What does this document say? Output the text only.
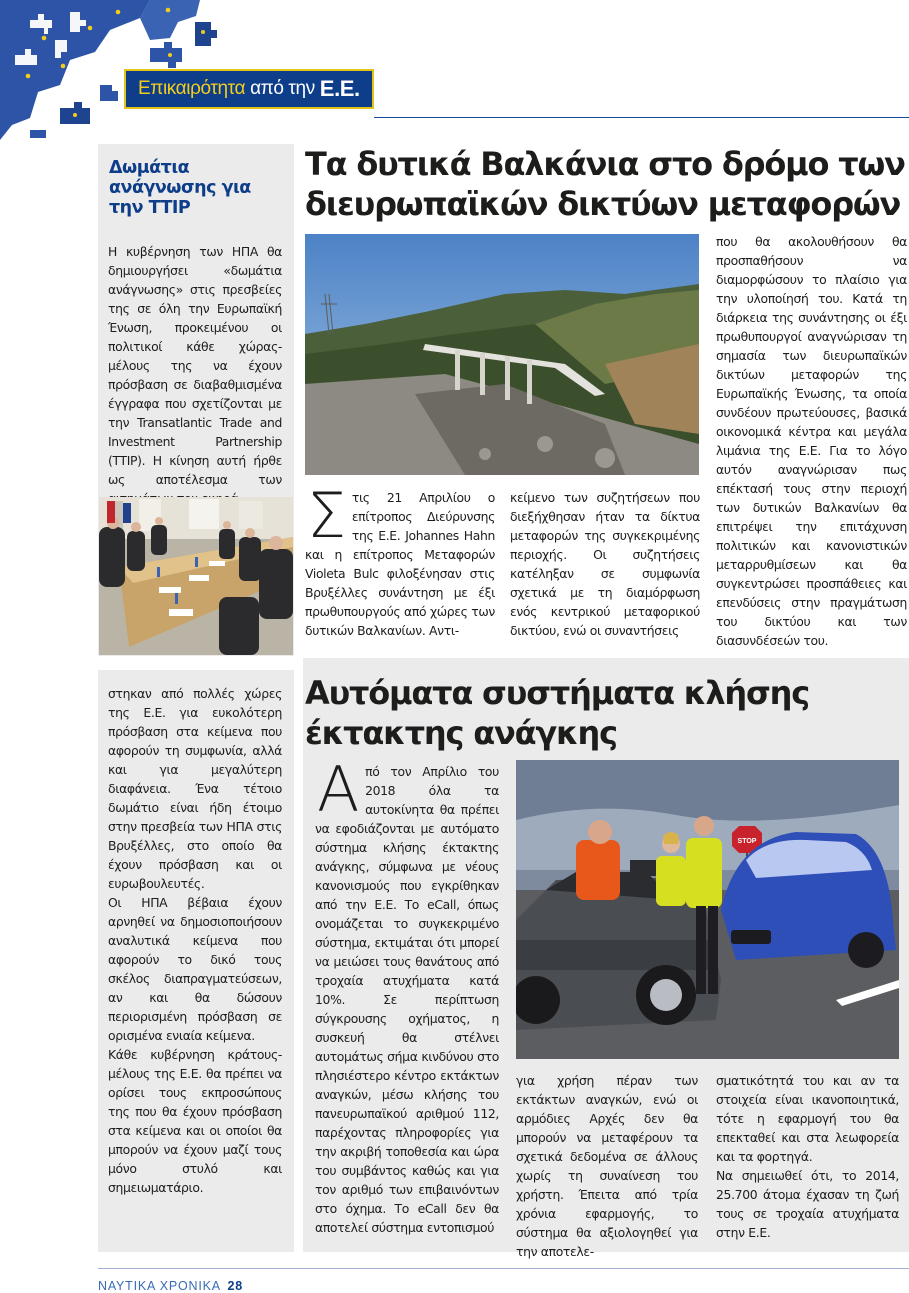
Επικαιρότητα από την Ε.Ε.
Δωμάτια ανάγνωσης για την TTIP

Η κυβέρνηση των ΗΠΑ θα δημιουργήσει «δωμάτια ανάγνωσης» στις πρεσβείες της σε όλη την Ευρωπαϊκή Ένωση, προκειμένου οι πολιτικοί κάθε χώρας-μέλους της να έχουν πρόσβαση σε διαβαθμισμένα έγγραφα που σχετίζονται με την Transatlantic Trade and Investment Partnership (TTIP). Η κίνηση αυτή ήρθε ως αποτέλεσμα των

στηκαν από πολλές χώρες της Ε.Ε. για ευκολότερη πρόσβαση στα κείμενα που αφορούν τη συμφωνία, αλλά και για μεγαλύτερη διαφάνεια. Ένα τέτοιο δωμάτιο είναι ήδη έτοιμο στην πρεσβεία των ΗΠΑ στις Βρυξέλλες, στο οποίο θα έχουν πρόσβαση και οι ευρωβουλευτές.

Οι ΗΠΑ βέβαια έχουν αρνηθεί να δημοσιοποιήσουν αναλυτικά κείμενα που αφορούν το δικό τους σκέλος διαπραγματεύσεων, αν και θα δώσουν περιορισμένη πρόσβαση σε ορισμένα ενιαία κείμενα.

Κάθε κυβέρνηση κράτους-μέλους της Ε.Ε. θα πρέπει να ορίσει τους εκπροσώπους της που θα έχουν πρόσβαση στα κείμενα και οι οποίοι θα μπορούν να έχουν μαζί τους μόνο στυλό και σημειωματάριο.

Τα δυτικά Βαλκάνια στο δρόμο των διευρωπαϊκών δικτύων μεταφορών
Σ τις 21 Απριλίου ο επίτροπος Διεύρυνσης της Ε.Ε. Johannes Hahn και η επίτροπος Μεταφορών Violeta Bulc φιλοξένησαν στις Βρυξέλλες συνάντηση με έξι πρωθυπουργούς από χώρες των δυτικών Βαλκανίων. Αντι-

κείμενο των συζητήσεων που διεξήχθησαν ήταν τα δίκτυα μεταφορών της συγκεκριμένης περιοχής. Οι συζητήσεις κατέληξαν σε συμφωνία σχετικά με τη διαμόρφωση ενός κεντρικού μεταφορικού δικτύου, ενώ οι συναντήσεις

που θα ακολουθήσουν θα προσπαθήσουν να διαμορφώσουν το πλαίσιο για την υλοποίησή του. Κατά τη διάρκεια της συνάντησης οι έξι πρωθυπουργοί αναγνώρισαν τη σημασία των διευρωπαϊκών δικτύων μεταφορών της Ευρωπαϊκής Ένωσης, τα οποία συνδέουν πρωτεύουσες, βασικά οικονομικά κέντρα και μεγάλα λιμάνια της Ε.Ε. Για το λόγο αυτόν αναγνώρισαν πως επέκτασή τους στην περιοχή των δυτικών Βαλκανίων θα επιτρέψει την επιτάχυνση πολιτικών και κανονιστικών μεταρρυθμίσεων και θα συγκεντρώσει προσπάθειες και επενδύσεις στην πραγμάτωση του δικτύου και των διασυνδέσεών του.

Αυτόματα συστήματα κλήσης έκτακτης ανάγκης
STOP
Α πό τον Απρίλιο του 2018 όλα τα αυτοκίνητα θα πρέπει να εφοδιάζονται με αυτόματο σύστημα κλήσης έκτακτης ανάγκης, σύμφωνα με νέους κανονισμούς που εγκρίθηκαν από την Ε.Ε. Το eCall, όπως ονομάζεται το συγκεκριμένο σύστημα, εκτιμάται ότι μπορεί να μειώσει τους θανάτους από τροχαία ατυχήματα κατά 10%. Σε περίπτωση σύγκρουσης οχήματος, η συσκευή θα στέλνει αυτομάτως σήμα κινδύνου στο πλησιέστερο κέντρο εκτάκτων αναγκών, μέσω κλήσης του πανευρωπαϊκού αριθμού 112, παρέχοντας πληροφορίες για την ακριβή τοποθεσία και ώρα του συμβάντος καθώς και για τον αριθμό των επιβαινόντων στο όχημα. Το eCall δεν θα αποτελεί σύστημα εντοπισμού

για χρήση πέραν των εκτάκτων αναγκών, ενώ οι αρμόδιες Αρχές δεν θα μπορούν να μεταφέρουν τα σχετικά δεδομένα σε άλλους χωρίς τη συναίνεση του χρήστη. Έπειτα από τρία χρόνια εφαρμογής, το σύστημα θα αξιολογηθεί για την αποτελε-

σματικότητά του και αν τα στοιχεία είναι ικανοποιητικά, τότε η εφαρμογή του θα επεκταθεί και στα λεωφορεία και τα φορτηγά.

Να σημειωθεί ότι, το 2014, 25.700 άτομα έχασαν τη ζωή τους σε τροχαία ατυχήματα στην Ε.Ε.

ΝΑΥΤΙΚΑ ΧΡΟΝΙΚΑ 28
